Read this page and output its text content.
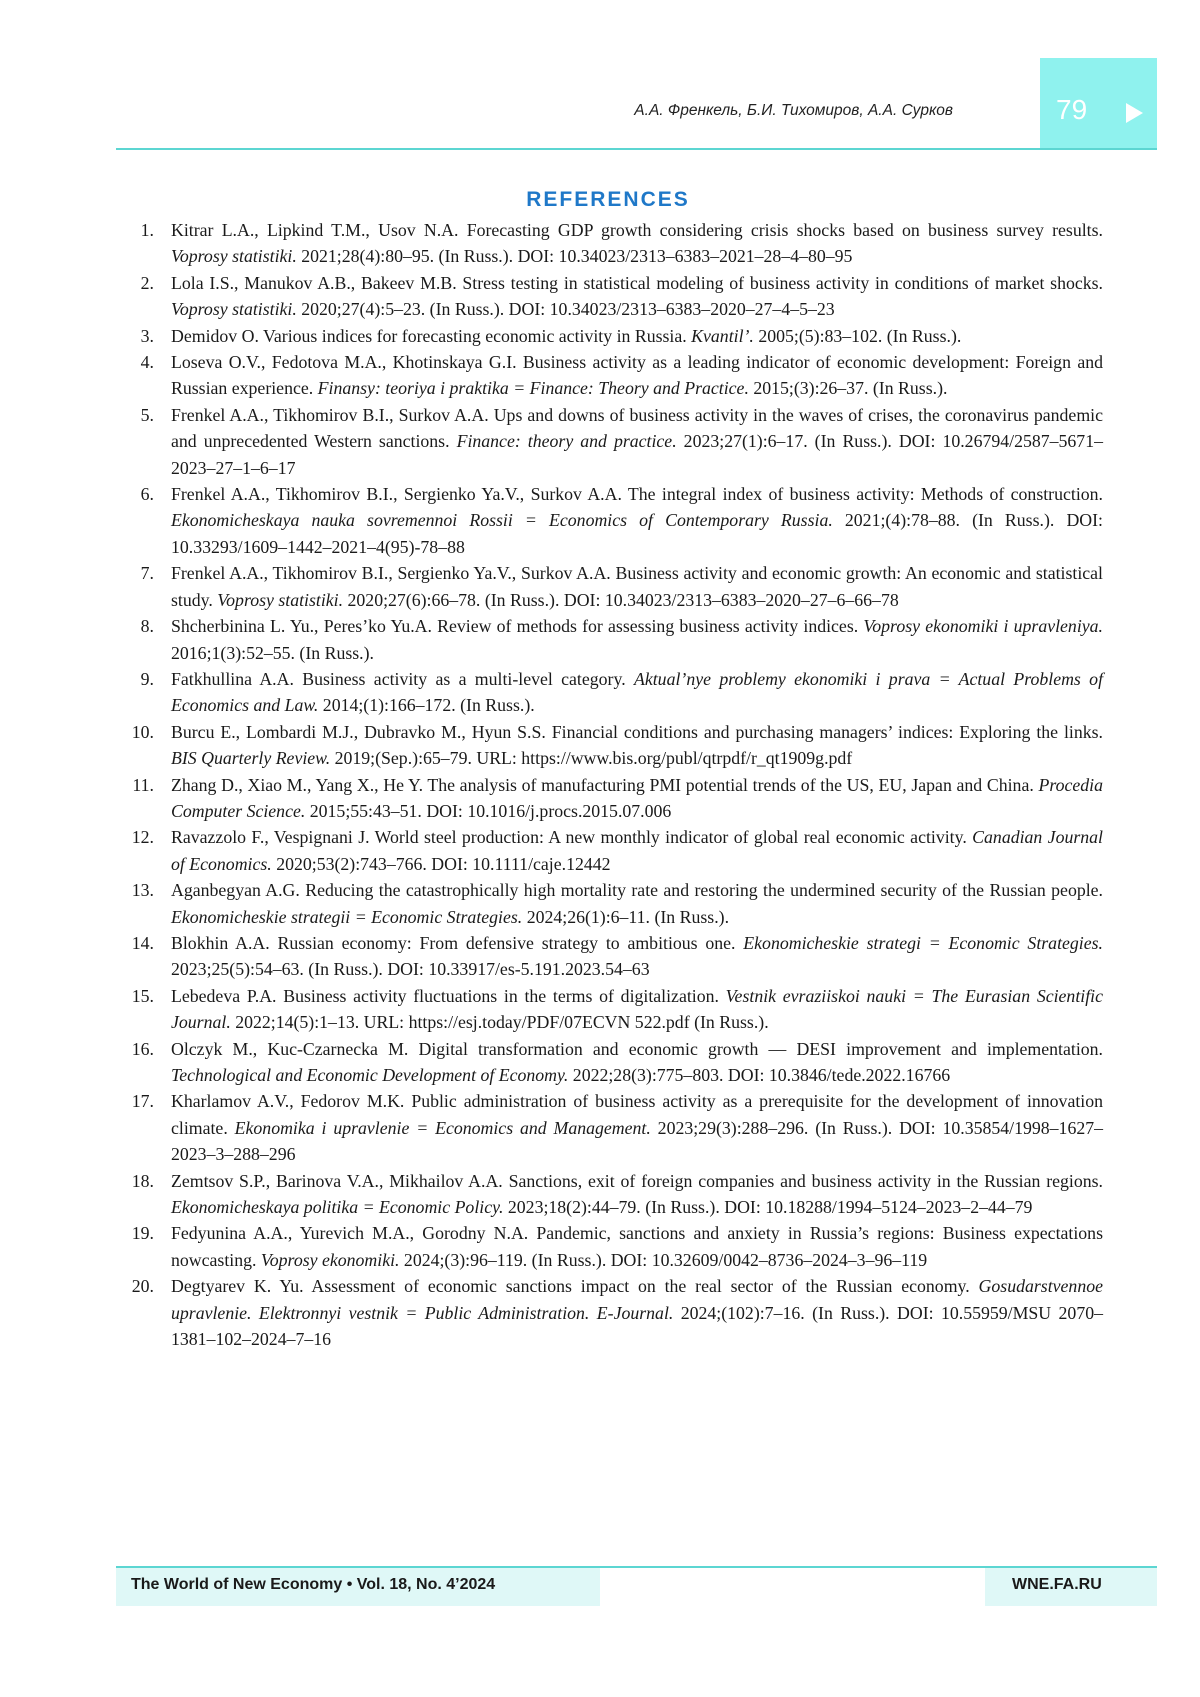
79
А.А. Френкель, Б.И. Тихомиров, А.А. Сурков
REFERENCES
1. Kitrar L.A., Lipkind T.M., Usov N.A. Forecasting GDP growth considering crisis shocks based on business survey results. Voprosy statistiki. 2021;28(4):80–95. (In Russ.). DOI: 10.34023/2313–6383–2021–28–4–80–95
2. Lola I.S., Manukov A.B., Bakeev M.B. Stress testing in statistical modeling of business activity in conditions of market shocks. Voprosy statistiki. 2020;27(4):5–23. (In Russ.). DOI: 10.34023/2313–6383–2020–27–4–5–23
3. Demidov O. Various indices for forecasting economic activity in Russia. Kvantil’. 2005;(5):83–102. (In Russ.).
4. Loseva O.V., Fedotova M.A., Khotinskaya G.I. Business activity as a leading indicator of economic development: Foreign and Russian experience. Finansy: teoriya i praktika = Finance: Theory and Practice. 2015;(3):26–37. (In Russ.).
5. Frenkel A.A., Tikhomirov B.I., Surkov A.A. Ups and downs of business activity in the waves of crises, the coronavirus pandemic and unprecedented Western sanctions. Finance: theory and practice. 2023;27(1):6–17. (In Russ.). DOI: 10.26794/2587–5671–2023–27–1–6–17
6. Frenkel A.A., Tikhomirov B.I., Sergienko Ya.V., Surkov A.A. The integral index of business activity: Methods of construction. Ekonomicheskaya nauka sovremennoi Rossii = Economics of Contemporary Russia. 2021;(4):78–88. (In Russ.). DOI: 10.33293/1609–1442–2021–4(95)-78–88
7. Frenkel A.A., Tikhomirov B.I., Sergienko Ya.V., Surkov A.A. Business activity and economic growth: An economic and statistical study. Voprosy statistiki. 2020;27(6):66–78. (In Russ.). DOI: 10.34023/2313–6383–2020–27–6–66–78
8. Shcherbinina L. Yu., Peres’ko Yu.A. Review of methods for assessing business activity indices. Voprosy ekonomiki i upravleniya. 2016;1(3):52–55. (In Russ.).
9. Fatkhullina A.A. Business activity as a multi-level category. Aktual’nye problemy ekonomiki i prava = Actual Problems of Economics and Law. 2014;(1):166–172. (In Russ.).
10. Burcu E., Lombardi M.J., Dubravko M., Hyun S.S. Financial conditions and purchasing managers’ indices: Exploring the links. BIS Quarterly Review. 2019;(Sep.):65–79. URL: https://www.bis.org/publ/qtrpdf/r_qt1909g.pdf
11. Zhang D., Xiao M., Yang X., He Y. The analysis of manufacturing PMI potential trends of the US, EU, Japan and China. Procedia Computer Science. 2015;55:43–51. DOI: 10.1016/j.procs.2015.07.006
12. Ravazzolo F., Vespignani J. World steel production: A new monthly indicator of global real economic activity. Canadian Journal of Economics. 2020;53(2):743–766. DOI: 10.1111/caje.12442
13. Aganbegyan A.G. Reducing the catastrophically high mortality rate and restoring the undermined security of the Russian people. Ekonomicheskie strategii = Economic Strategies. 2024;26(1):6–11. (In Russ.).
14. Blokhin A.A. Russian economy: From defensive strategy to ambitious one. Ekonomicheskie strategi = Economic Strategies. 2023;25(5):54–63. (In Russ.). DOI: 10.33917/es-5.191.2023.54–63
15. Lebedeva P.A. Business activity fluctuations in the terms of digitalization. Vestnik evraziiskoi nauki = The Eurasian Scientific Journal. 2022;14(5):1–13. URL: https://esj.today/PDF/07ECVN 522.pdf (In Russ.).
16. Olczyk M., Kuc-Czarnecka M. Digital transformation and economic growth — DESI improvement and implementation. Technological and Economic Development of Economy. 2022;28(3):775–803. DOI: 10.3846/tede.2022.16766
17. Kharlamov A.V., Fedorov M.K. Public administration of business activity as a prerequisite for the development of innovation climate. Ekonomika i upravlenie = Economics and Management. 2023;29(3):288–296. (In Russ.). DOI: 10.35854/1998–1627–2023–3–288–296
18. Zemtsov S.P., Barinova V.A., Mikhailov A.A. Sanctions, exit of foreign companies and business activity in the Russian regions. Ekonomicheskaya politika = Economic Policy. 2023;18(2):44–79. (In Russ.). DOI: 10.18288/1994–5124–2023–2–44–79
19. Fedyunina A.A., Yurevich M.A., Gorodny N.A. Pandemic, sanctions and anxiety in Russia’s regions: Business expectations nowcasting. Voprosy ekonomiki. 2024;(3):96–119. (In Russ.). DOI: 10.32609/0042–8736–2024–3–96–119
20. Degtyarev K. Yu. Assessment of economic sanctions impact on the real sector of the Russian economy. Gosudarstvennoe upravlenie. Elektronnyi vestnik = Public Administration. E-Journal. 2024;(102):7–16. (In Russ.). DOI: 10.55959/MSU 2070–1381–102–2024–7–16
The World of New Economy • Vol. 18, No. 4’2024	WNE.FA.RU
